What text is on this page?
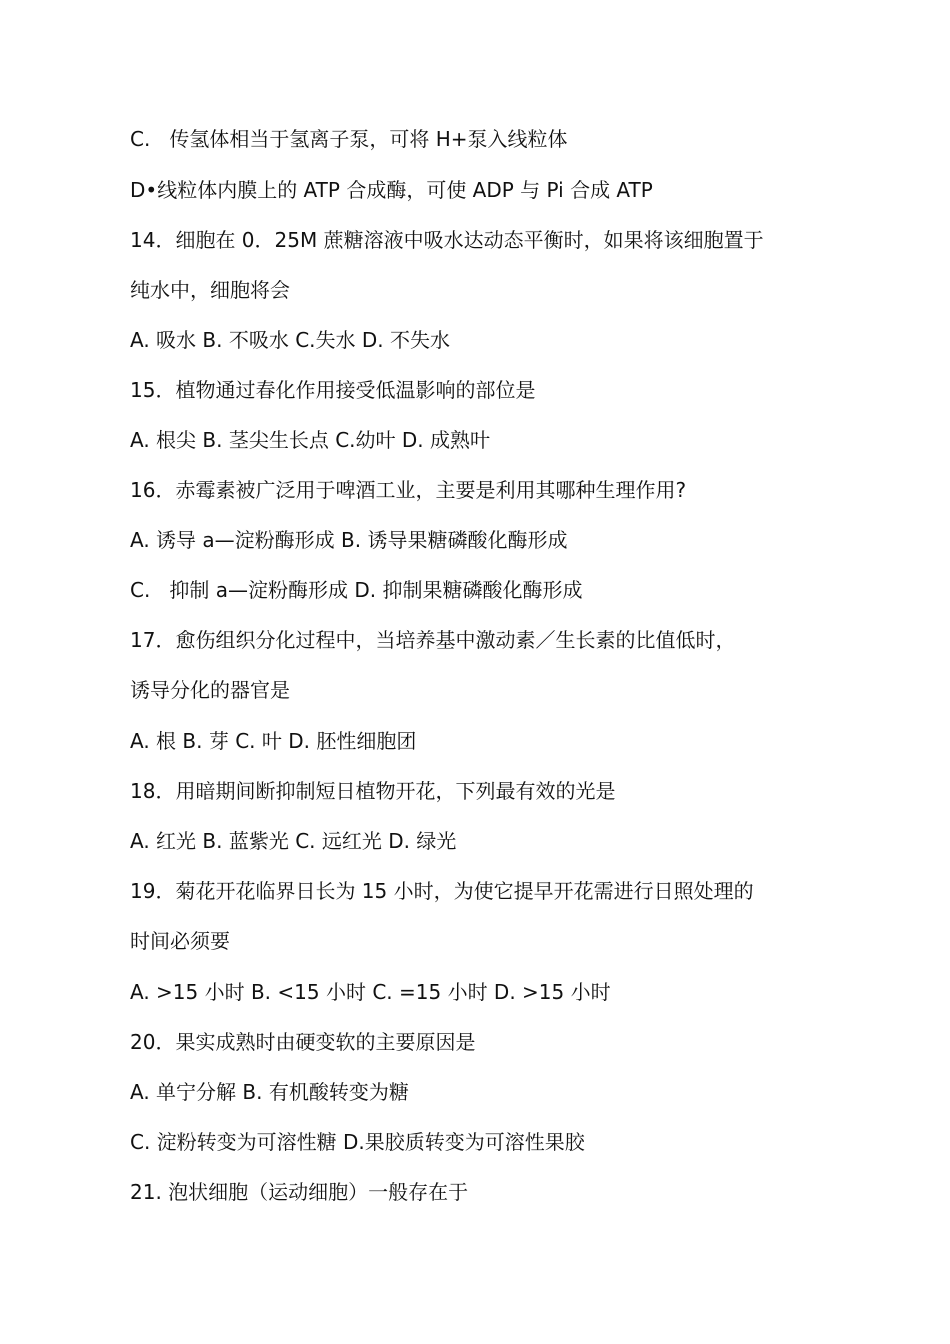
C.   传氢体相当于氢离子泵，可将 H+泵入线粒体
D•线粒体内膜上的 ATP 合成酶，可使 ADP 与 Pi 合成 ATP
14．细胞在 0．25M 蔗糖溶液中吸水达动态平衡时，如果将该细胞置于
纯水中，细胞将会
A. 吸水 B. 不吸水 C.失水 D. 不失水
15．植物通过春化作用接受低温影响的部位是
A. 根尖 B. 茎尖生长点 C.幼叶 D. 成熟叶
16．赤霉素被广泛用于啤酒工业，主要是利用其哪种生理作用?
A. 诱导 a—淀粉酶形成 B. 诱导果糖磷酸化酶形成
C.   抑制 a—淀粉酶形成 D. 抑制果糖磷酸化酶形成
17．愈伤组织分化过程中，当培养基中激动素／生长素的比值低时，
诱导分化的器官是
A. 根 B. 芽 C. 叶 D. 胚性细胞团
18．用暗期间断抑制短日植物开花，下列最有效的光是
A. 红光 B. 蓝紫光 C. 远红光 D. 绿光
19．菊花开花临界日长为 15 小时，为使它提早开花需进行日照处理的
时间必须要
A. >15 小时 B. <15 小时 C. =15 小时 D. >15 小时
20．果实成熟时由硬变软的主要原因是
A. 单宁分解 B. 有机酸转变为糖
C. 淀粉转变为可溶性糖 D.果胶质转变为可溶性果胶
21. 泡状细胞（运动细胞）一般存在于
